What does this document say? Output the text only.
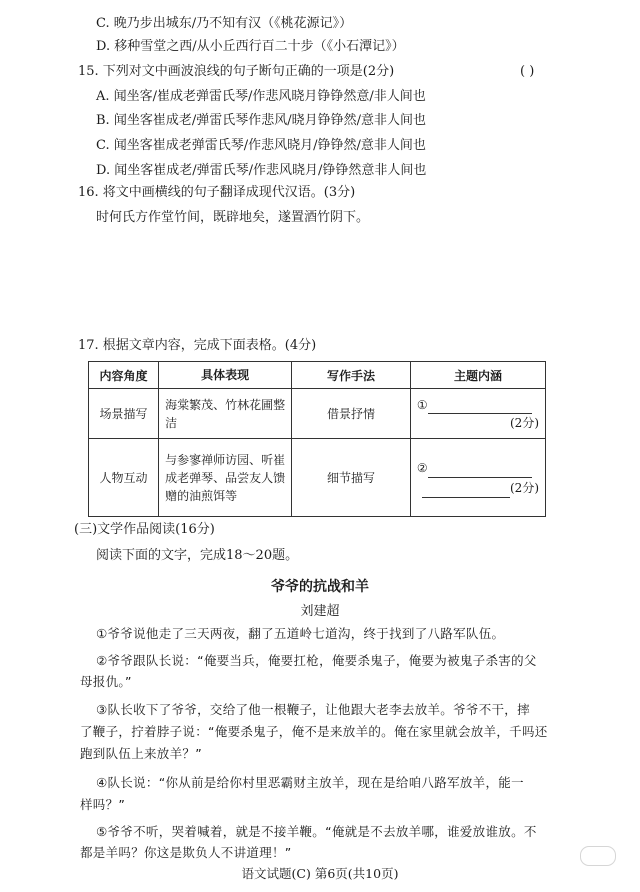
C. 晚乃步出城东/乃不知有汉（《桃花源记》）
D. 移种雪堂之西/从小丘西行百二十步（《小石潭记》）
15. 下列对文中画波浪线的句子断句正确的一项是(2分)	( )
A. 闻坐客/崔成老弹雷氏琴/作悲风晓月铮铮然意/非人间也
B. 闻坐客崔成老/弹雷氏琴作悲风/晓月铮铮然/意非人间也
C. 闻坐客崔成老弹雷氏琴/作悲风晓月/铮铮然/意非人间也
D. 闻坐客崔成老/弹雷氏琴/作悲风晓月/铮铮然意非人间也
16. 将文中画横线的句子翻译成现代汉语。(3分)
时何氏方作堂竹间，既辟地矣，遂置酒竹阴下。
17. 根据文章内容，完成下面表格。(4分)
内容角度	具体表现	写作手法	主题内涵
场景描写	海棠繁茂、竹林花圃整洁	借景抒情	①
(2分)

人物互动	与参寥禅师访园、听崔成老弹琴、品尝友人馈赠的油煎饵等	细节描写	②
(2分)
(三)文学作品阅读(16分)
阅读下面的文字，完成18～20题。
爷爷的抗战和羊
刘建超
①爷爷说他走了三天两夜，翻了五道岭七道沟，终于找到了八路军队伍。
②爷爷跟队长说：“俺要当兵，俺要扛枪，俺要杀鬼子，俺要为被鬼子杀害的父
母报仇。”
③队长收下了爷爷，交给了他一根鞭子，让他跟大老李去放羊。爷爷不干，摔
了鞭子，拧着脖子说：“俺要杀鬼子，俺不是来放羊的。俺在家里就会放羊，千吗还
跑到队伍上来放羊？”
④队长说：“你从前是给你村里恶霸财主放羊，现在是给咱八路军放羊，能一
样吗？”
⑤爷爷不听，哭着喊着，就是不接羊鞭。“俺就是不去放羊哪，谁爱放谁放。不
都是羊吗？你这是欺负人不讲道理！”
语文试题(C) 第6页(共10页)
